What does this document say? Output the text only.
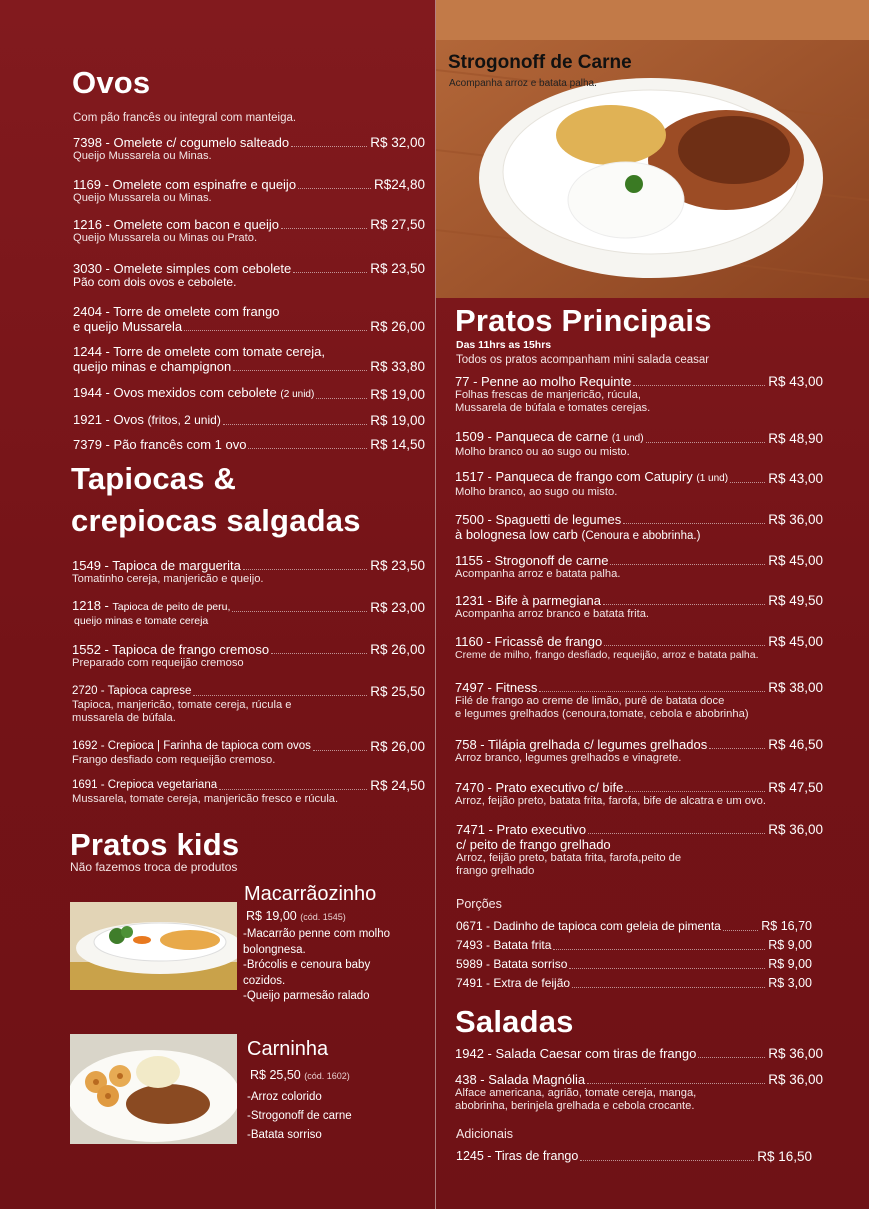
Ovos
Com pão francês ou integral com manteiga.
7398 - Omelete c/ cogumelo salteado	R$ 32,00
Queijo Mussarela ou Minas.
1169 - Omelete com espinafre e queijo	R$24,80
Queijo Mussarela ou Minas.
1216 - Omelete com bacon e queijo	R$ 27,50
Queijo Mussarela ou Minas ou Prato.
3030 - Omelete simples com cebolete	R$ 23,50
Pão com dois ovos e cebolete.
2404 - Torre de omelete com frango
e queijo Mussarela	R$ 26,00
1244 - Torre de omelete com tomate cereja,
queijo minas e champignon	R$ 33,80
1944 - Ovos mexidos com cebolete (2 unid)	R$ 19,00
1921 - Ovos (fritos, 2 unid)	R$ 19,00
7379 - Pão francês com 1 ovo	R$ 14,50
Tapiocas &
crepiocas salgadas
1549 - Tapioca de marguerita	R$ 23,50
Tomatinho cereja, manjericão e queijo.
1218 - Tapioca de peito de peru,	R$ 23,00
queijo minas e tomate cereja
1552 - Tapioca de frango cremoso	R$ 26,00
Preparado com requeijão cremoso
2720 - Tapioca caprese	R$ 25,50
Tapioca, manjericão, tomate cereja, rúcula e
mussarela de búfala.
1692 - Crepioca | Farinha de tapioca com ovos	R$ 26,00
Frango desfiado com requeijão cremoso.
1691 - Crepioca vegetariana	R$ 24,50
Mussarela, tomate cereja, manjericão fresco e rúcula.
Pratos kids
Não fazemos troca de produtos
Macarrãozinho
R$ 19,00 (cód. 1545)
-Macarrão penne com molho
bolongnesa.
-Brócolis e cenoura baby
cozidos.
-Queijo parmesão ralado
Carninha
R$ 25,50 (cód. 1602)
-Arroz colorido
-Strogonoff de carne
-Batata sorriso
Strogonoff de Carne
Acompanha arroz e batata palha.
Pratos Principais
Das 11hrs as 15hrs
Todos os pratos acompanham mini salada ceasar
77 - Penne ao molho Requinte	R$ 43,00
Folhas frescas de manjericão, rúcula,
Mussarela de búfala e tomates cerejas.
1509 - Panqueca de carne (1 und)	R$ 48,90
Molho branco ou ao sugo ou misto.
1517 - Panqueca de frango com Catupiry (1 und)	R$ 43,00
Molho branco, ao sugo ou misto.
7500 - Spaguetti de legumes	R$ 36,00
à bolognesa low carb (Cenoura e abobrinha.)
1155 - Strogonoff de carne	R$ 45,00
Acompanha arroz e batata palha.
1231 - Bife à parmegiana	R$ 49,50
Acompanha arroz branco e batata frita.
1160 - Fricassê de frango	R$ 45,00
Creme de milho, frango desfiado, requeijão, arroz e batata palha.
7497 - Fitness	R$ 38,00
Filé de frango ao creme de limão, purê de batata doce
e legumes grelhados (cenoura,tomate, cebola e abobrinha)
758 - Tilápia grelhada c/ legumes grelhados	R$ 46,50
Arroz branco, legumes grelhados e vinagrete.
7470 - Prato executivo c/ bife	R$ 47,50
Arroz, feijão preto, batata frita, farofa, bife de alcatra e um ovo.
7471 - Prato executivo	R$ 36,00
c/ peito de frango grelhado
Arroz, feijão preto, batata frita, farofa,peito de
frango grelhado
Porções
0671 - Dadinho de tapioca com geleia de pimenta	R$ 16,70
7493 - Batata frita	R$ 9,00
5989 - Batata sorriso	R$ 9,00
7491 - Extra de feijão	R$ 3,00
Saladas
1942 - Salada Caesar com tiras de frango	R$ 36,00
438 - Salada Magnólia	R$ 36,00
Alface americana, agrião, tomate cereja, manga,
abobrinha, berinjela grelhada e cebola crocante.
Adicionais
1245 - Tiras de frango	R$ 16,50
